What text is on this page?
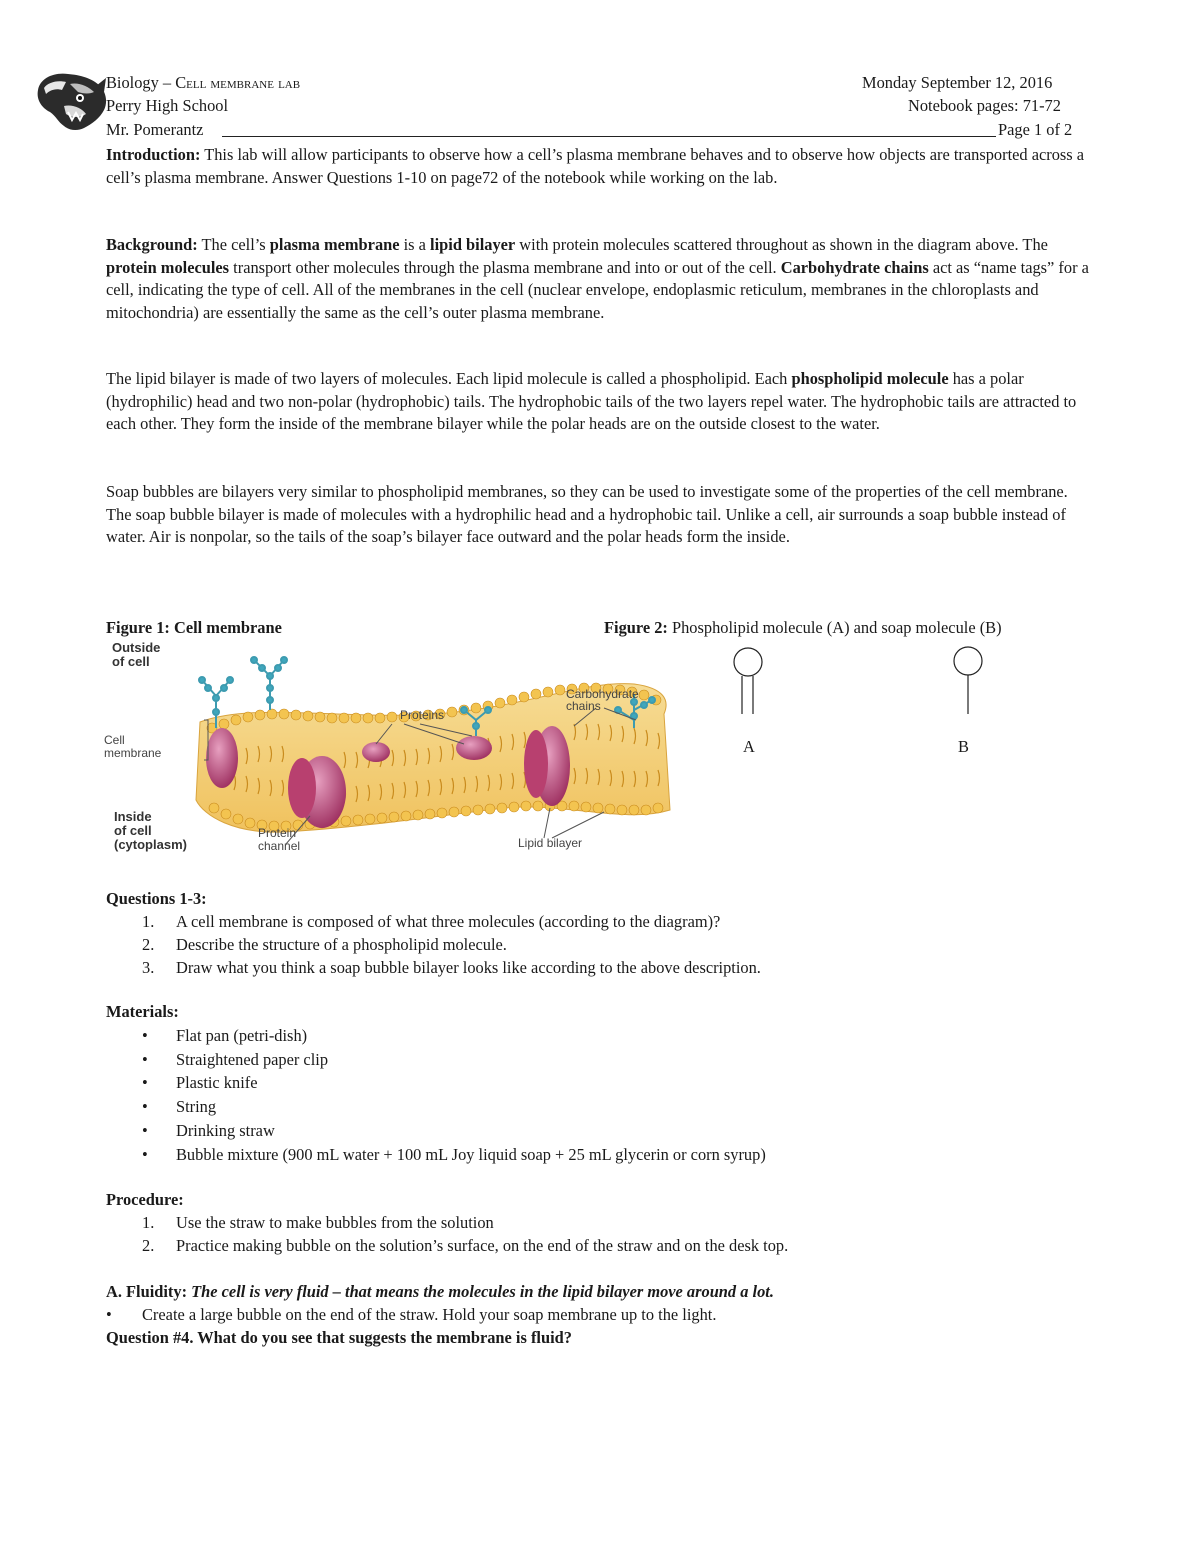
Biology – Cell membrane lab
Perry High School
Mr. Pomerantz
Monday September 12, 2016
Notebook pages: 71-72
Page 1 of 2
Introduction: This lab will allow participants to observe how a cell’s plasma membrane behaves and to observe how objects are transported across a cell’s plasma membrane. Answer Questions 1-10 on page72 of the notebook while working on the lab.
Background: The cell’s plasma membrane is a lipid bilayer with protein molecules scattered throughout as shown in the diagram above. The protein molecules transport other molecules through the plasma membrane and into or out of the cell. Carbohydrate chains act as “name tags” for a cell, indicating the type of cell. All of the membranes in the cell (nuclear envelope, endoplasmic reticulum, membranes in the chloroplasts and mitochondria) are essentially the same as the cell’s outer plasma membrane.
The lipid bilayer is made of two layers of molecules. Each lipid molecule is called a phospholipid. Each phospholipid molecule has a polar (hydrophilic) head and two non-polar (hydrophobic) tails. The hydrophobic tails of the two layers repel water. The hydrophobic tails are attracted to each other. They form the inside of the membrane bilayer while the polar heads are on the outside closest to the water.
Soap bubbles are bilayers very similar to phospholipid membranes, so they can be used to investigate some of the properties of the cell membrane. The soap bubble bilayer is made of molecules with a hydrophilic head and a hydrophobic tail. Unlike a cell, air surrounds a soap bubble instead of water. Air is nonpolar, so the tails of the soap’s bilayer face outward and the polar heads form the inside.
Figure 1: Cell membrane	Figure 2: Phospholipid molecule (A) and soap molecule (B)
Outside
of cell
Cell
membrane
Inside
of cell
(cytoplasm)
Proteins
Carbohydrate
chains
Protein
channel	Lipid bilayer
A	B
Questions 1-3:
1. A cell membrane is composed of what three molecules (according to the diagram)?
2. Describe the structure of a phospholipid molecule.
3. Draw what you think a soap bubble bilayer looks like according to the above description.
Materials:
• Flat pan (petri-dish)
• Straightened paper clip
• Plastic knife
• String
• Drinking straw
• Bubble mixture (900 mL water + 100 mL Joy liquid soap + 25 mL glycerin or corn syrup)
Procedure:
1. Use the straw to make bubbles from the solution
2. Practice making bubble on the solution’s surface, on the end of the straw and on the desk top.
A. Fluidity: The cell is very fluid – that means the molecules in the lipid bilayer move around a lot.
• Create a large bubble on the end of the straw. Hold your soap membrane up to the light.
Question #4. What do you see that suggests the membrane is fluid?
